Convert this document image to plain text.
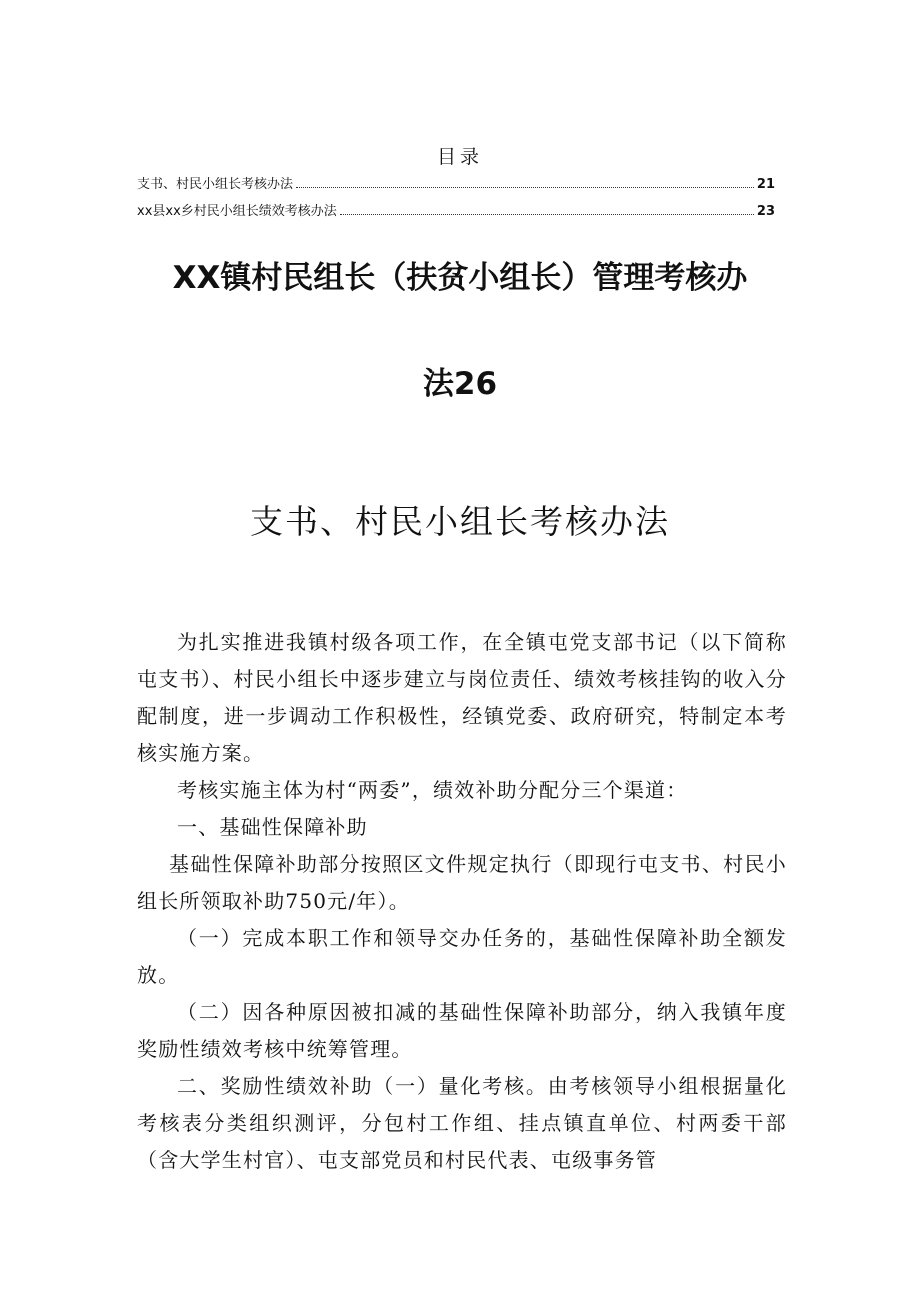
目录
支书、村民小组长考核办法	21
xx县xx乡村民小组长绩效考核办法	23
XX镇村民组长（扶贫小组长）管理考核办
法26
支书、村民小组长考核办法

为扎实推进我镇村级各项工作，在全镇屯党支部书记（以下简称屯支书）、村民小组长中逐步建立与岗位责任、绩效考核挂钩的收入分配制度，进一步调动工作积极性，经镇党委、政府研究，特制定本考核实施方案。

考核实施主体为村“两委”，绩效补助分配分三个渠道：

一、基础性保障补助

基础性保障补助部分按照区文件规定执行（即现行屯支书、村民小组长所领取补助750元/年）。

（一）完成本职工作和领导交办任务的，基础性保障补助全额发放。

（二）因各种原因被扣减的基础性保障补助部分，纳入我镇年度奖励性绩效考核中统筹管理。

二、奖励性绩效补助（一）量化考核。由考核领导小组根据量化考核表分类组织测评，分包村工作组、挂点镇直单位、村两委干部（含大学生村官）、屯支部党员和村民代表、屯级事务管
